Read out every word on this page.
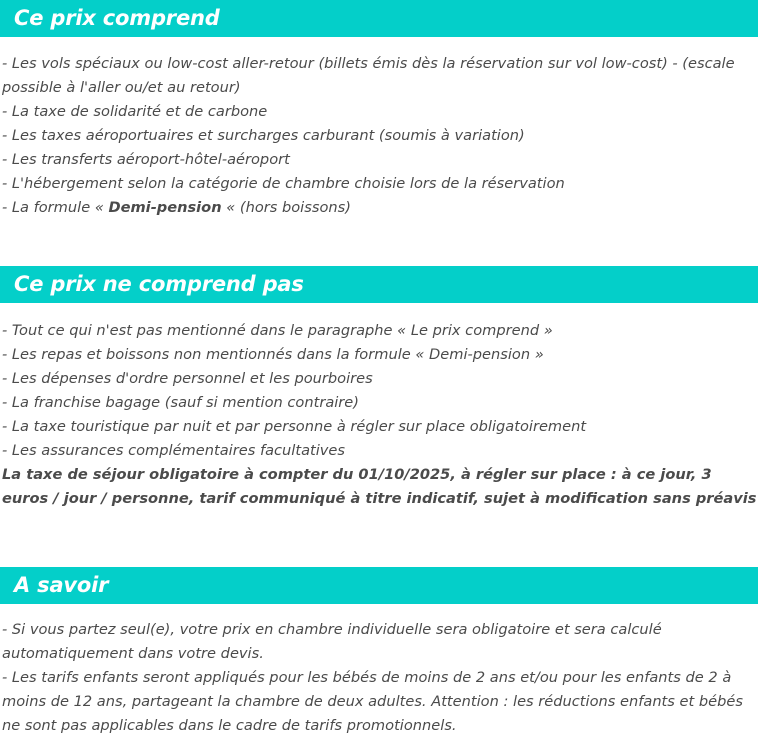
Ce prix comprend
- Les vols spéciaux ou low-cost aller-retour (billets émis dès la réservation sur vol low-cost) - (escale possible à l'aller ou/et au retour)
- La taxe de solidarité et de carbone
- Les taxes aéroportuaires et surcharges carburant (soumis à variation)
- Les transferts aéroport-hôtel-aéroport
- L'hébergement selon la catégorie de chambre choisie lors de la réservation
- La formule « Demi-pension « (hors boissons)
Ce prix ne comprend pas
- Tout ce qui n'est pas mentionné dans le paragraphe « Le prix comprend »
- Les repas et boissons non mentionnés dans la formule « Demi-pension »
- Les dépenses d'ordre personnel et les pourboires
- La franchise bagage (sauf si mention contraire)
- La taxe touristique par nuit et par personne à régler sur place obligatoirement
- Les assurances complémentaires facultatives
La taxe de séjour obligatoire à compter du 01/10/2025, à régler sur place : à ce jour, 3 euros / jour / personne, tarif communiqué à titre indicatif, sujet à modification sans préavis
A savoir
- Si vous partez seul(e), votre prix en chambre individuelle sera obligatoire et sera calculé automatiquement dans votre devis.
- Les tarifs enfants seront appliqués pour les bébés de moins de 2 ans et/ou pour les enfants de 2 à moins de 12 ans, partageant la chambre de deux adultes. Attention : les réductions enfants et bébés ne sont pas applicables dans le cadre de tarifs promotionnels.
